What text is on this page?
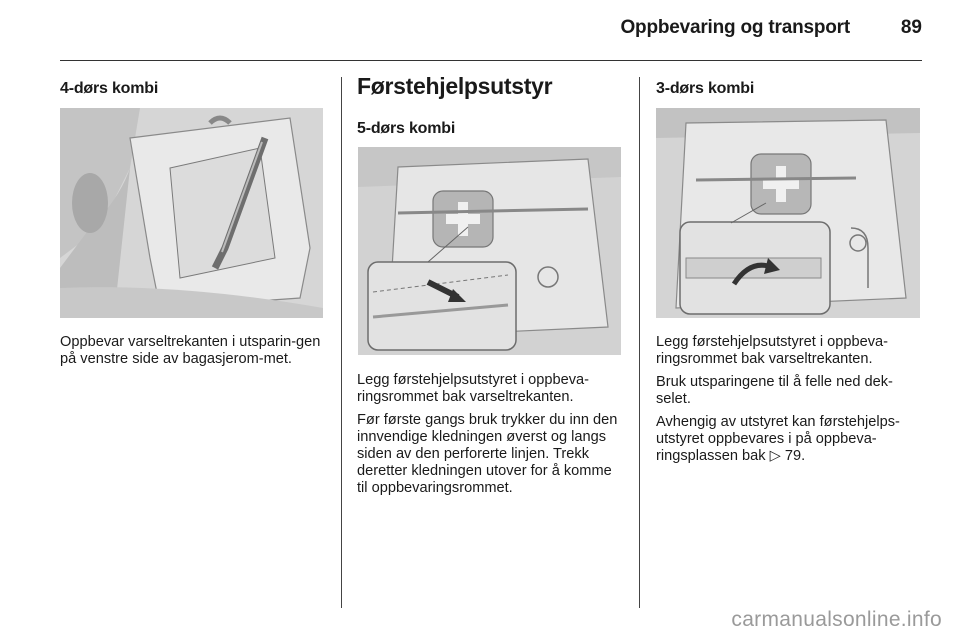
Oppbevaring og transport	89
4-dørs kombi

Oppbevar varseltrekanten i utsparin-gen på venstre side av bagasjerom-met.

Førstehjelpsutstyr
5-dørs kombi

Legg førstehjelpsutstyret i oppbeva-ringsrommet bak varseltrekanten.

Før første gangs bruk trykker du inn den innvendige kledningen øverst og langs siden av den perforerte linjen. Trekk deretter kledningen utover for å komme til oppbevaringsrommet.

3-dørs kombi

Legg førstehjelpsutstyret i oppbeva-ringsrommet bak varseltrekanten.

Bruk utsparingene til å felle ned dek-selet.

Avhengig av utstyret kan førstehjelps-utstyret oppbevares i på oppbeva-ringsplassen bak ▷ 79.

carmanualsonline.info
